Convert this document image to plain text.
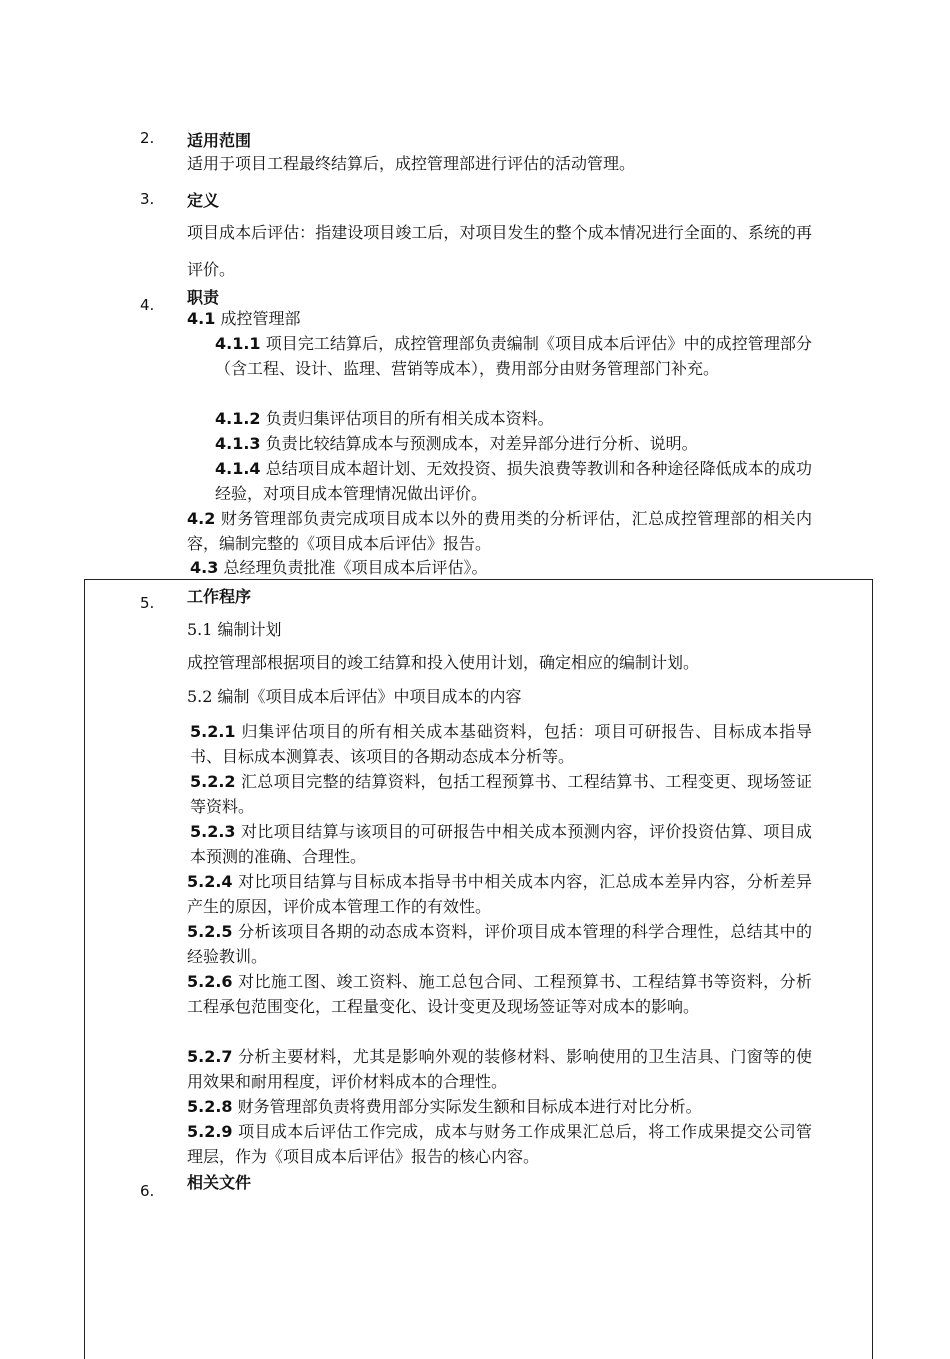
2. 适用范围
适用于项目工程最终结算后，成控管理部进行评估的活动管理。
3. 定义
项目成本后评估：指建设项目竣工后，对项目发生的整个成本情况进行全面的、系统的再评价。
4. 职责
4.1 成控管理部
4.1.1 项目完工结算后，成控管理部负责编制《项目成本后评估》中的成控管理部分（含工程、设计、监理、营销等成本），费用部分由财务管理部门补充。
4.1.2 负责归集评估项目的所有相关成本资料。
4.1.3 负责比较结算成本与预测成本，对差异部分进行分析、说明。
4.1.4 总结项目成本超计划、无效投资、损失浪费等教训和各种途径降低成本的成功经验，对项目成本管理情况做出评价。
4.2 财务管理部负责完成项目成本以外的费用类的分析评估，汇总成控管理部的相关内容，编制完整的《项目成本后评估》报告。
4.3 总经理负责批准《项目成本后评估》。
5. 工作程序
5.1 编制计划
成控管理部根据项目的竣工结算和投入使用计划，确定相应的编制计划。
5.2 编制《项目成本后评估》中项目成本的内容
5.2.1 归集评估项目的所有相关成本基础资料，包括：项目可研报告、目标成本指导书、目标成本测算表、该项目的各期动态成本分析等。
5.2.2 汇总项目完整的结算资料，包括工程预算书、工程结算书、工程变更、现场签证等资料。
5.2.3 对比项目结算与该项目的可研报告中相关成本预测内容，评价投资估算、项目成本预测的准确、合理性。
5.2.4 对比项目结算与目标成本指导书中相关成本内容，汇总成本差异内容，分析差异产生的原因，评价成本管理工作的有效性。
5.2.5 分析该项目各期的动态成本资料，评价项目成本管理的科学合理性，总结其中的经验教训。
5.2.6 对比施工图、竣工资料、施工总包合同、工程预算书、工程结算书等资料，分析工程承包范围变化，工程量变化、设计变更及现场签证等对成本的影响。
5.2.7 分析主要材料，尤其是影响外观的装修材料、影响使用的卫生洁具、门窗等的使用效果和耐用程度，评价材料成本的合理性。
5.2.8 财务管理部负责将费用部分实际发生额和目标成本进行对比分析。
5.2.9 项目成本后评估工作完成，成本与财务工作成果汇总后，将工作成果提交公司管理层，作为《项目成本后评估》报告的核心内容。
6. 相关文件
